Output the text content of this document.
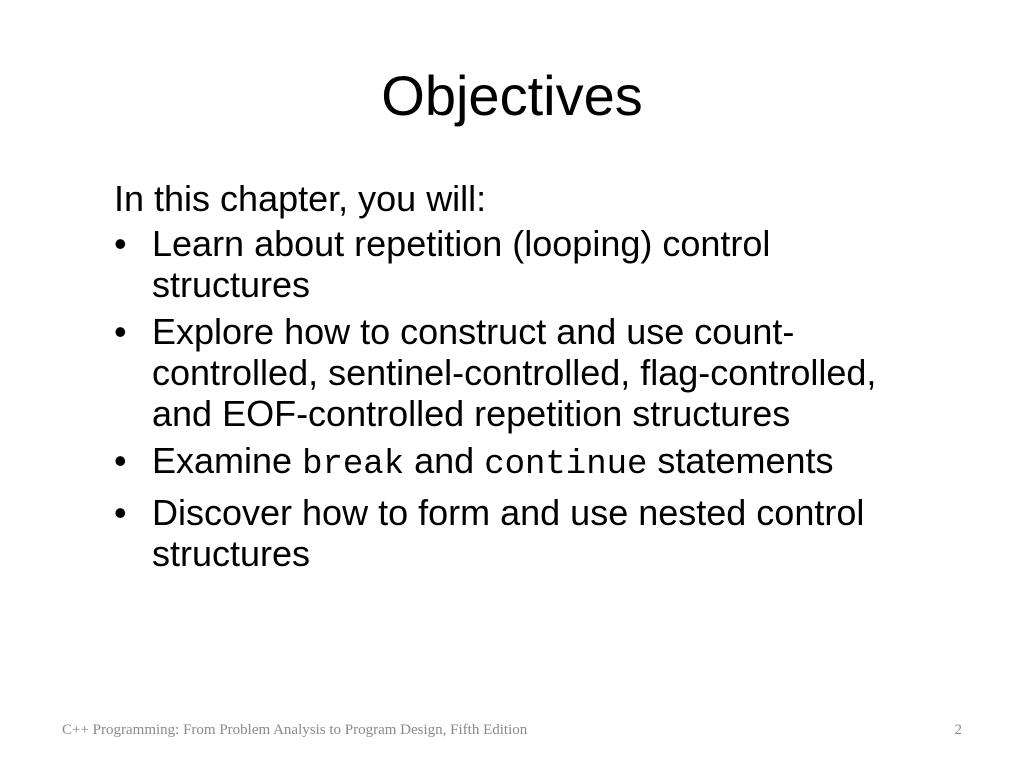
Objectives

In this chapter, you will:

• Learn about repetition (looping) control structures
• Explore how to construct and use count-controlled, sentinel-controlled, flag-controlled, and EOF-controlled repetition structures
• Examine break and continue statements
• Discover how to form and use nested control structures
C++ Programming: From Problem Analysis to Program Design, Fifth Edition	2
